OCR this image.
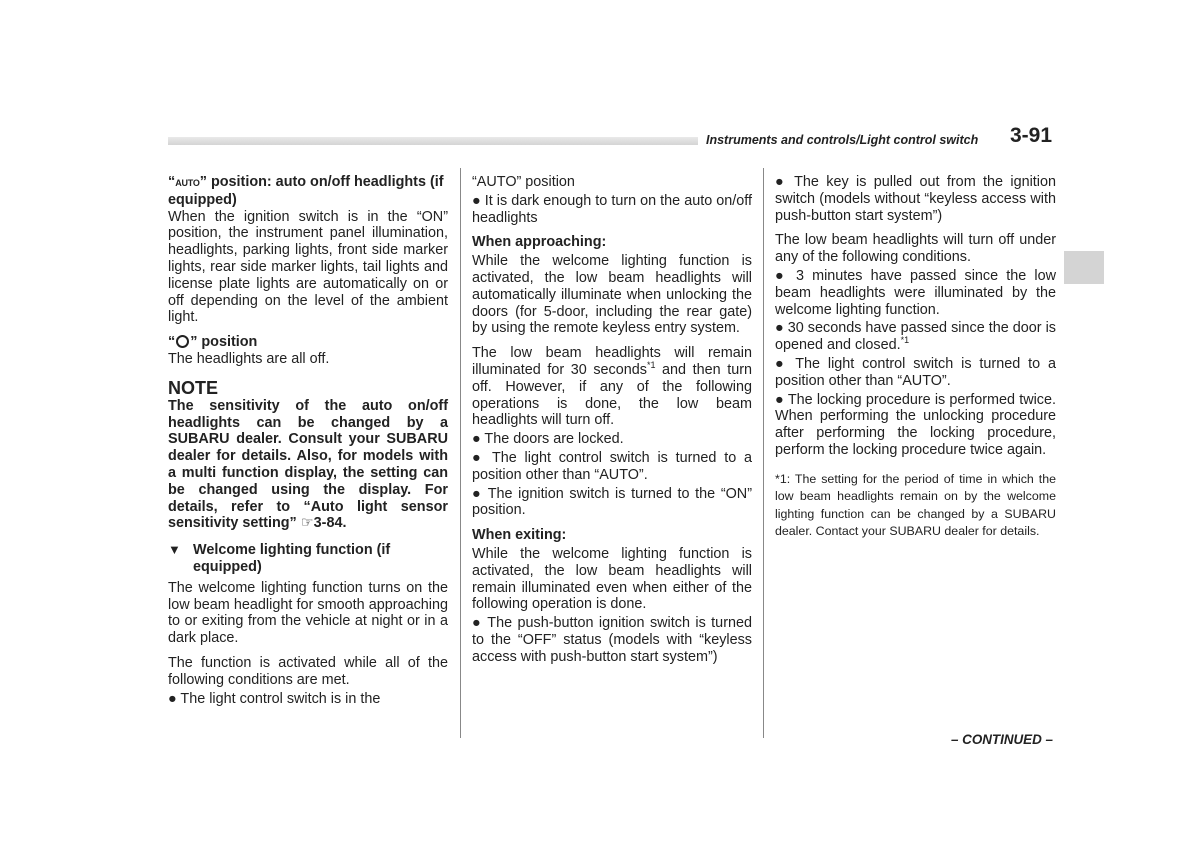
Instruments and controls/Light control switch 3-91

“AUTO” position: auto on/off headlights (if equipped)

When the ignition switch is in the “ON” position, the instrument panel illumination, headlights, parking lights, front side marker lights, rear side marker lights, tail lights and license plate lights are automatically on or off depending on the level of the ambient light.

“ ” position

The headlights are all off.

NOTE

The sensitivity of the auto on/off headlights can be changed by a SUBARU dealer. Consult your SUBARU dealer for details. Also, for models with a multi function display, the setting can be changed using the display. For details, refer to “Auto light sensor sensitivity setting” ☞3-84.

▼ Welcome lighting function (if equipped)

The welcome lighting function turns on the low beam headlight for smooth approaching to or exiting from the vehicle at night or in a dark place.

The function is activated while all of the following conditions are met.

● The light control switch is in the

“AUTO” position

● It is dark enough to turn on the auto on/off headlights

When approaching:

While the welcome lighting function is activated, the low beam headlights will automatically illuminate when unlocking the doors (for 5-door, including the rear gate) by using the remote keyless entry system.

The low beam headlights will remain illuminated for 30 seconds$^{*1}$ and then turn off. However, if any of the following operations is done, the low beam headlights will turn off.

● The doors are locked.

● The light control switch is turned to a position other than “AUTO”.

● The ignition switch is turned to the “ON” position.

When exiting:

While the welcome lighting function is activated, the low beam headlights will remain illuminated even when either of the following operation is done.

● The push-button ignition switch is turned to the “OFF” status (models with “keyless access with push-button start system”)

● The key is pulled out from the ignition switch (models without “keyless access with push-button start system”)

The low beam headlights will turn off under any of the following conditions.

● 3 minutes have passed since the low beam headlights were illuminated by the welcome lighting function.

● 30 seconds have passed since the door is opened and closed.$^{*1}$

● The light control switch is turned to a position other than “AUTO”.

● The locking procedure is performed twice. When performing the unlocking procedure after performing the locking procedure, perform the locking procedure twice again.

*1: The setting for the period of time in which the low beam headlights remain on by the welcome lighting function can be changed by a SUBARU dealer. Contact your SUBARU dealer for details.

– CONTINUED –
